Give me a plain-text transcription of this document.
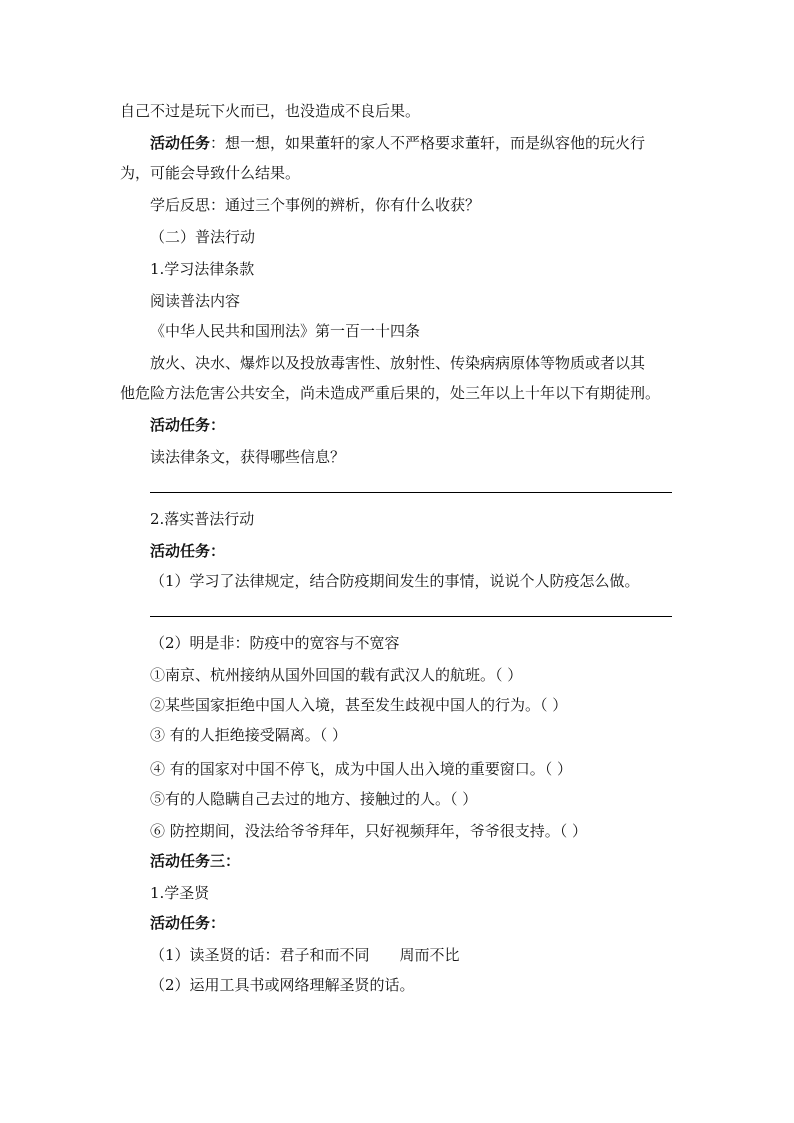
自己不过是玩下火而已，也没造成不良后果。
活动任务：想一想，如果董轩的家人不严格要求董轩，而是纵容他的玩火行
为，可能会导致什么结果。
学后反思：通过三个事例的辨析，你有什么收获？
（二）普法行动
1.学习法律条款
阅读普法内容
《中华人民共和国刑法》第一百一十四条
放火、决水、爆炸以及投放毒害性、放射性、传染病病原体等物质或者以其
他危险方法危害公共安全，尚未造成严重后果的，处三年以上十年以下有期徒刑。
活动任务：
读法律条文，获得哪些信息？
2.落实普法行动
活动任务：
（1）学习了法律规定，结合防疫期间发生的事情，说说个人防疫怎么做。
（2）明是非：防疫中的宽容与不宽容
①南京、杭州接纳从国外回国的载有武汉人的航班。（ ）
②某些国家拒绝中国人入境，甚至发生歧视中国人的行为。（ ）
③ 有的人拒绝接受隔离。（ ）
④ 有的国家对中国不停飞，成为中国人出入境的重要窗口。（ ）
⑤有的人隐瞒自己去过的地方、接触过的人。（ ）
⑥ 防控期间，没法给爷爷拜年，只好视频拜年，爷爷很支持。（ ）
活动任务三：
1.学圣贤
活动任务：
（1）读圣贤的话：君子和而不同 周而不比
（2）运用工具书或网络理解圣贤的话。
